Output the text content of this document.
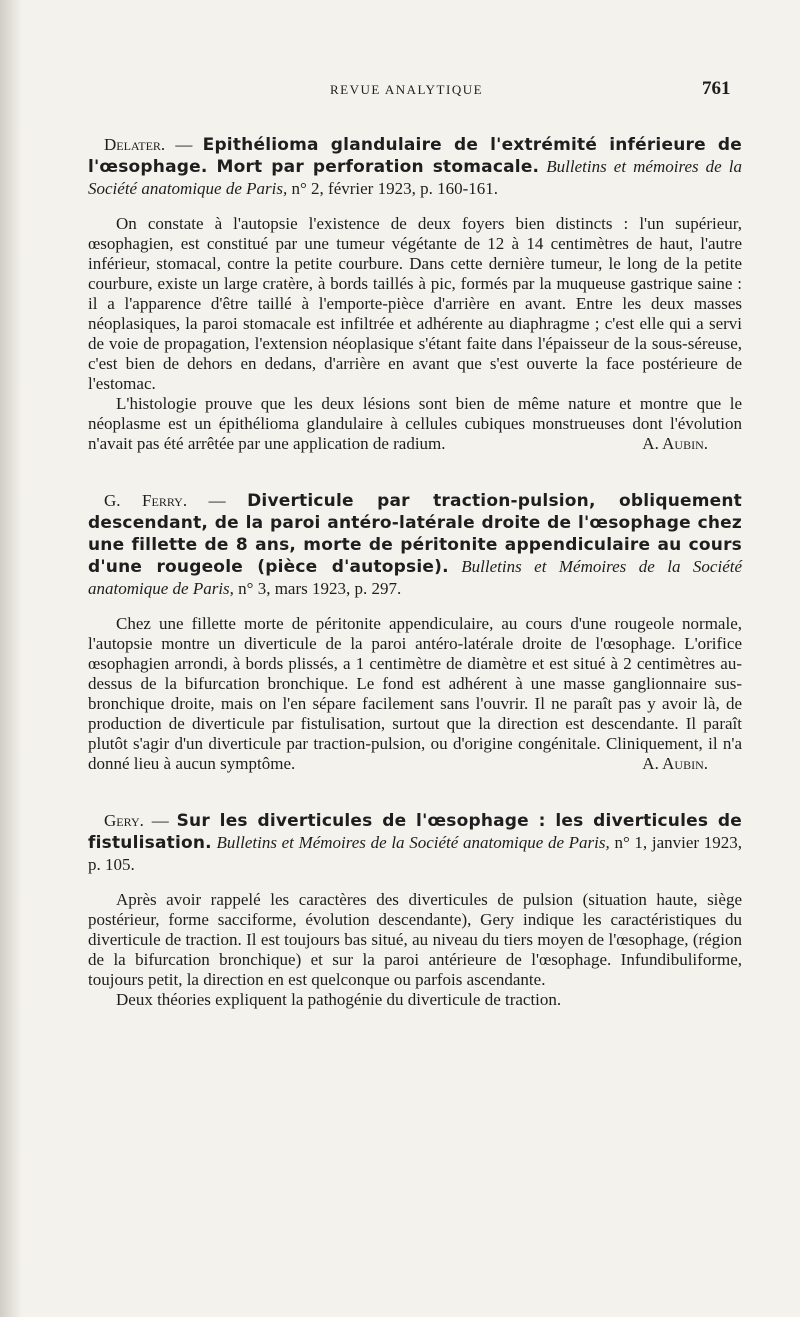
REVUE ANALYTIQUE	761

Delater. — Epithélioma glandulaire de l'extrémité inférieure de l'œsophage. Mort par perforation stomacale. Bulletins et mémoires de la Société anatomique de Paris, n° 2, février 1923, p. 160-161.

On constate à l'autopsie l'existence de deux foyers bien distincts : l'un supérieur, œsophagien, est constitué par une tumeur végétante de 12 à 14 centimètres de haut, l'autre inférieur, stomacal, contre la petite courbure. Dans cette dernière tumeur, le long de la petite courbure, existe un large cratère, à bords taillés à pic, formés par la muqueuse gastrique saine : il a l'apparence d'être taillé à l'emporte-pièce d'arrière en avant. Entre les deux masses néoplasiques, la paroi stomacale est infiltrée et adhérente au diaphragme ; c'est elle qui a servi de voie de propagation, l'extension néoplasique s'étant faite dans l'épaisseur de la sous-séreuse, c'est bien de dehors en dedans, d'arrière en avant que s'est ouverte la face postérieure de l'estomac.

L'histologie prouve que les deux lésions sont bien de même nature et montre que le néoplasme est un épithélioma glandulaire à cellules cubiques monstrueuses dont l'évolution n'avait pas été arrêtée par une application de radium.	A. Aubin.

G. Ferry. — Diverticule par traction-pulsion, obliquement descendant, de la paroi antéro-latérale droite de l'œsophage chez une fillette de 8 ans, morte de péritonite appendiculaire au cours d'une rougeole (pièce d'autopsie). Bulletins et Mémoires de la Société anatomique de Paris, n° 3, mars 1923, p. 297.

Chez une fillette morte de péritonite appendiculaire, au cours d'une rougeole normale, l'autopsie montre un diverticule de la paroi antéro-latérale droite de l'œsophage. L'orifice œsophagien arrondi, à bords plissés, a 1 centimètre de diamètre et est situé à 2 centimètres au-dessus de la bifurcation bronchique. Le fond est adhérent à une masse ganglionnaire sus-bronchique droite, mais on l'en sépare facilement sans l'ouvrir. Il ne paraît pas y avoir là, de production de diverticule par fistulisation, surtout que la direction est descendante. Il paraît plutôt s'agir d'un diverticule par traction-pulsion, ou d'origine congénitale. Cliniquement, il n'a donné lieu à aucun symptôme.	A. Aubin.

Gery. — Sur les diverticules de l'œsophage : les diverticules de fistulisation. Bulletins et Mémoires de la Société anatomique de Paris, n° 1, janvier 1923, p. 105.

Après avoir rappelé les caractères des diverticules de pulsion (situation haute, siège postérieur, forme sacciforme, évolution descendante), Gery indique les caractéristiques du diverticule de traction. Il est toujours bas situé, au niveau du tiers moyen de l'œsophage, (région de la bifurcation bronchique) et sur la paroi antérieure de l'œsophage. Infundibuliforme, toujours petit, la direction en est quelconque ou parfois ascendante.

Deux théories expliquent la pathogénie du diverticule de traction.
